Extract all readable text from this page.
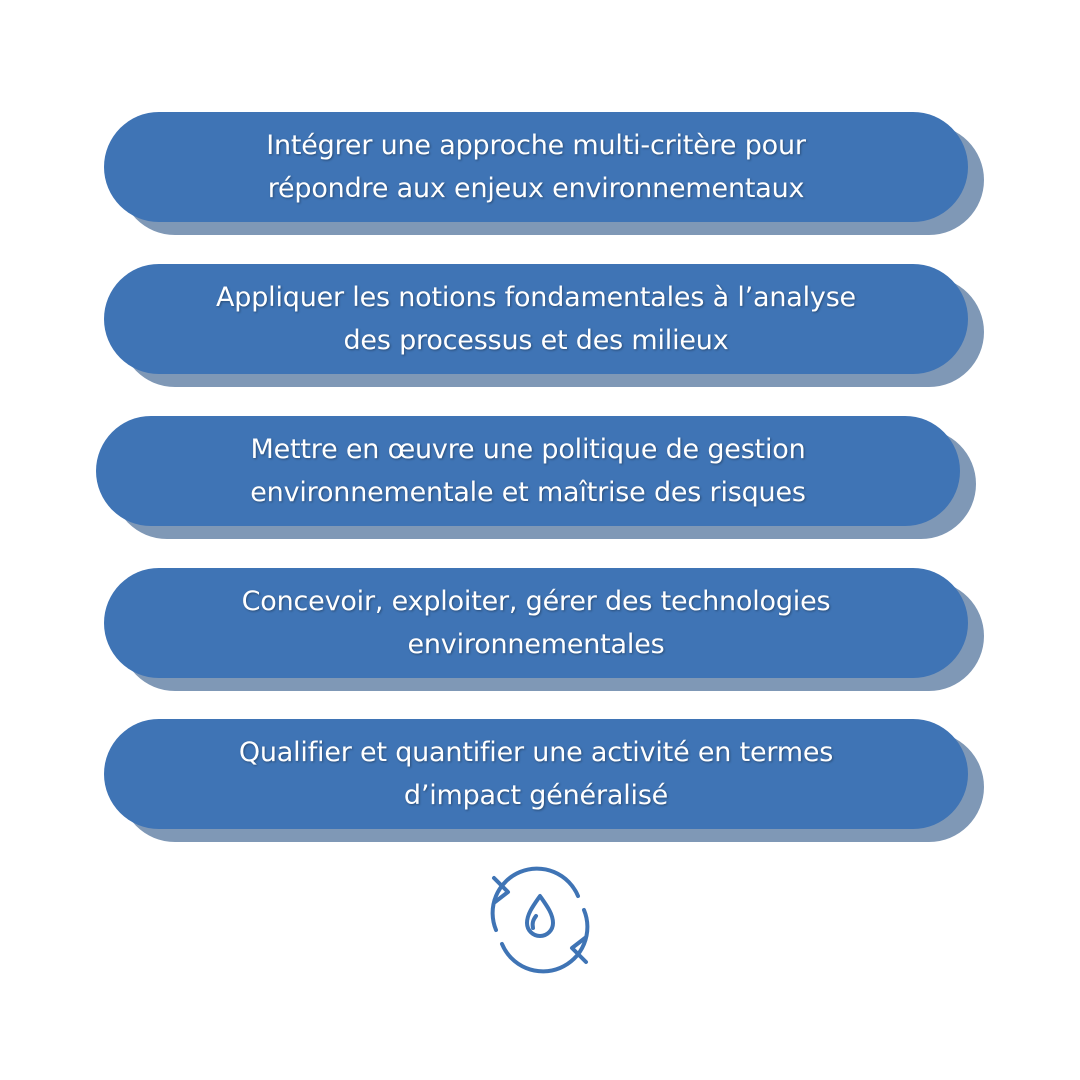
Intégrer une approche multi-critère pour
répondre aux enjeux environnementaux
Appliquer les notions fondamentales à l’analyse
des processus et des milieux
Mettre en œuvre une politique de gestion
environnementale et maîtrise des risques
Concevoir, exploiter, gérer des technologies
environnementales
Qualifier et quantifier une activité en termes
d’impact généralisé
